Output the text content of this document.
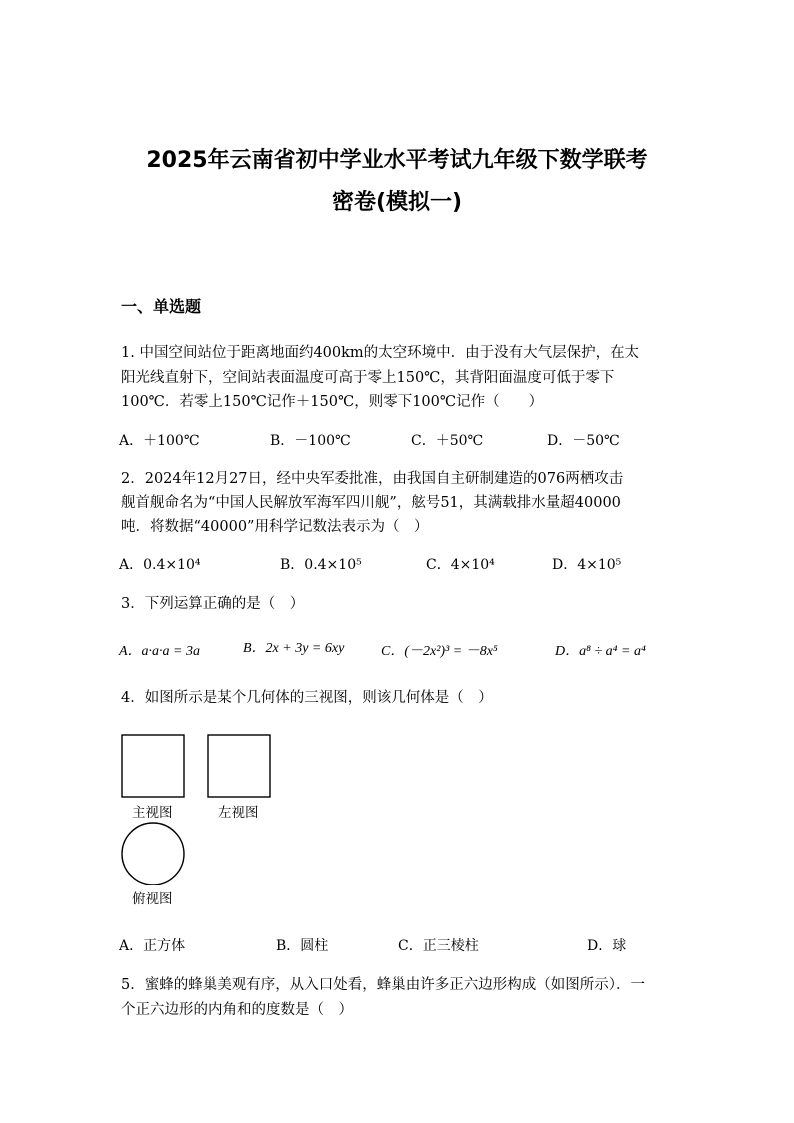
2025年云南省初中学业水平考试九年级下数学联考
密卷(模拟一)
一、单选题
1. 中国空间站位于距离地面约400km的太空环境中．由于没有大气层保护，在太
阳光线直射下，空间站表面温度可高于零上150℃，其背阳面温度可低于零下
100℃．若零上150℃记作＋150℃，则零下100℃记作（　　）
A．＋100℃	B．－100℃	C．＋50℃	D．－50℃
2．2024年12月27日，经中央军委批准，由我国自主研制建造的076两栖攻击
舰首舰命名为“中国人民解放军海军四川舰”，舷号51，其满载排水量超40000
吨．将数据“40000”用科学记数法表示为（　）
A．0.4×10⁴	B．0.4×10⁵	C．4×10⁴	D．4×10⁵
3．下列运算正确的是（　）
A．a·a·a = 3a	B．2x + 3y = 6xy	C．(－2x²)³ = －8x⁵	D．a⁸ ÷ a⁴ = a⁴
4．如图所示是某个几何体的三视图，则该几何体是（　）
主视图	左视图
俯视图
A．正方体	B．圆柱	C．正三棱柱	D．球
5．蜜蜂的蜂巢美观有序，从入口处看，蜂巢由许多正六边形构成（如图所示）．一
个正六边形的内角和的度数是（　）
